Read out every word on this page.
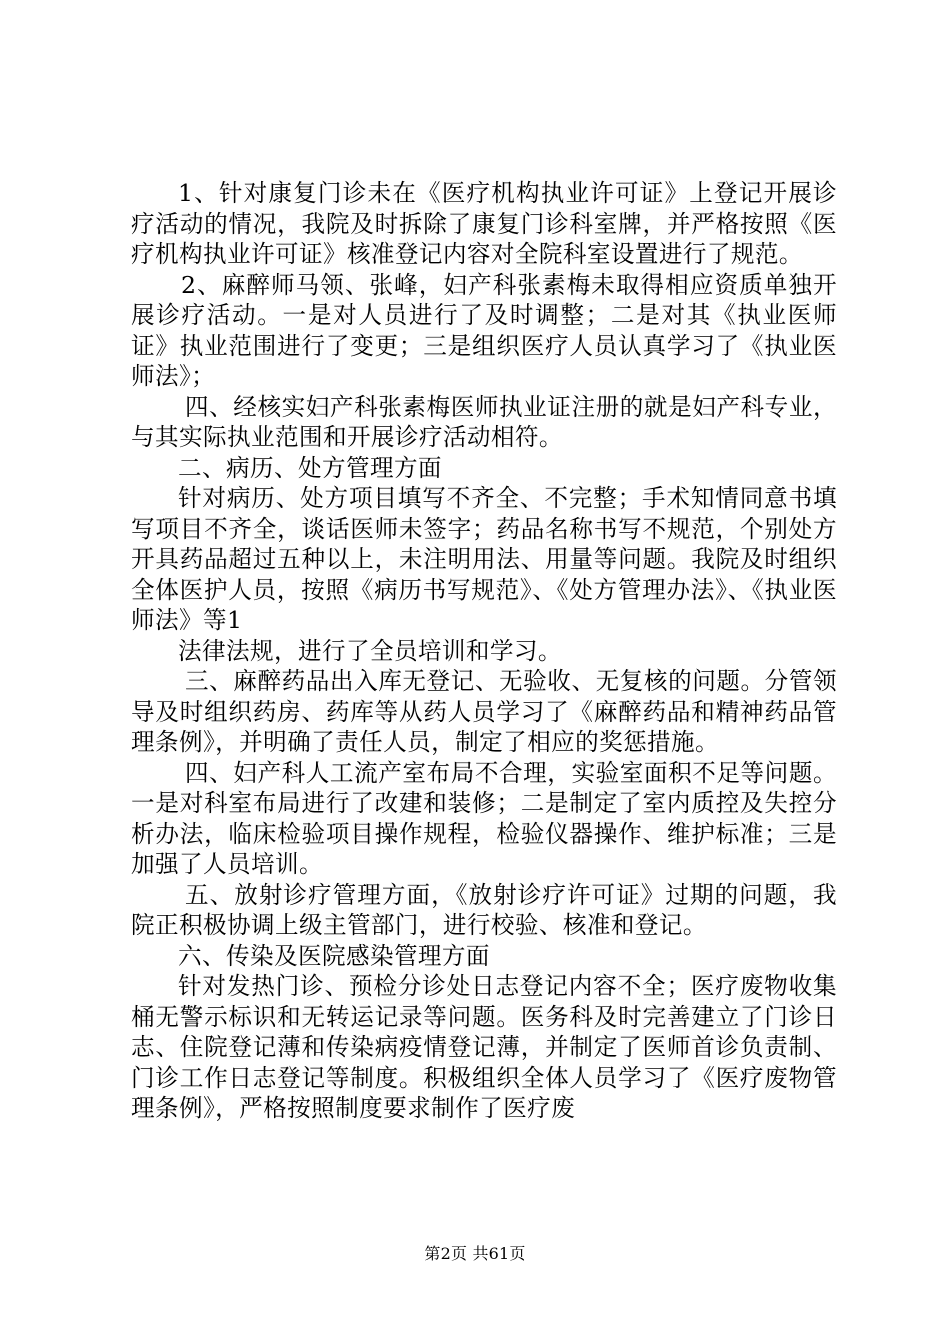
1、针对康复门诊未在《医疗机构执业许可证》上登记开展诊疗活动的情况，我院及时拆除了康复门诊科室牌，并严格按照《医疗机构执业许可证》核准登记内容对全院科室设置进行了规范。

2、麻醉师马领、张峰，妇产科张素梅未取得相应资质单独开展诊疗活动。一是对人员进行了及时调整；二是对其《执业医师证》执业范围进行了变更；三是组织医疗人员认真学习了《执业医师法》；

四、经核实妇产科张素梅医师执业证注册的就是妇产科专业，与其实际执业范围和开展诊疗活动相符。

二、病历、处方管理方面

针对病历、处方项目填写不齐全、不完整；手术知情同意书填写项目不齐全，谈话医师未签字；药品名称书写不规范，个别处方开具药品超过五种以上，未注明用法、用量等问题。我院及时组织全体医护人员，按照《病历书写规范》、《处方管理办法》、《执业医师法》等1

法律法规，进行了全员培训和学习。

三、麻醉药品出入库无登记、无验收、无复核的问题。分管领导及时组织药房、药库等从药人员学习了《麻醉药品和精神药品管理条例》，并明确了责任人员，制定了相应的奖惩措施。

四、妇产科人工流产室布局不合理，实验室面积不足等问题。一是对科室布局进行了改建和装修；二是制定了室内质控及失控分析办法，临床检验项目操作规程，检验仪器操作、维护标准；三是加强了人员培训。

五、放射诊疗管理方面，《放射诊疗许可证》过期的问题，我院正积极协调上级主管部门，进行校验、核准和登记。

六、传染及医院感染管理方面

针对发热门诊、预检分诊处日志登记内容不全；医疗废物收集桶无警示标识和无转运记录等问题。医务科及时完善建立了门诊日志、住院登记薄和传染病疫情登记薄，并制定了医师首诊负责制、门诊工作日志登记等制度。积极组织全体人员学习了《医疗废物管理条例》，严格按照制度要求制作了医疗废

第2页 共61页
